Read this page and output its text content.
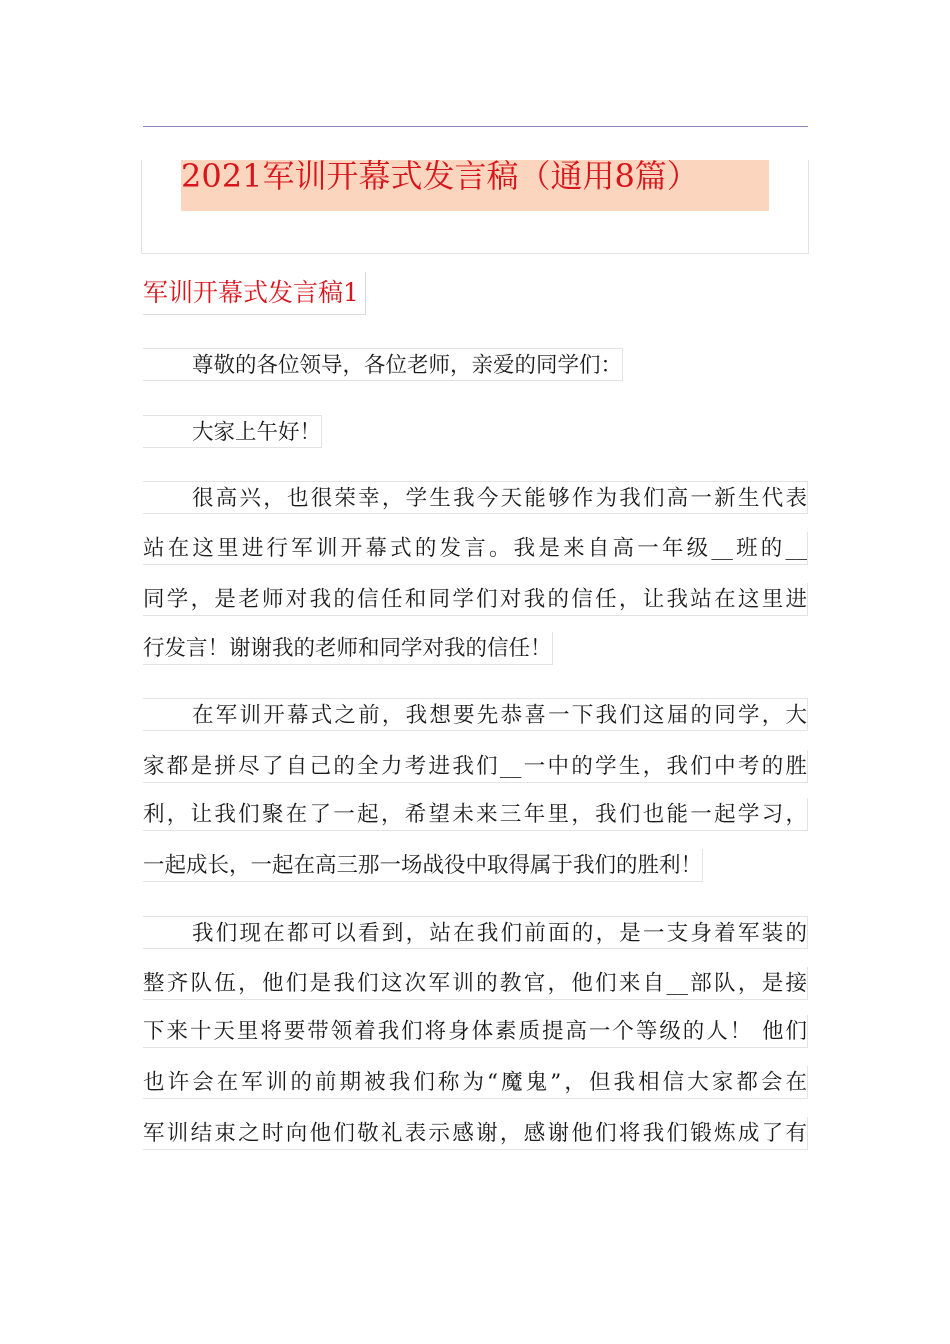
2021军训开幕式发言稿（通用8篇）
军训开幕式发言稿1
尊敬的各位领导，各位老师，亲爱的同学们：
大家上午好！
很高兴，也很荣幸，学生我今天能够作为我们高一新生代表
站在这里进行军训开幕式的发言。我是来自高一年级__班的__
同学，是老师对我的信任和同学们对我的信任，让我站在这里进
行发言！谢谢我的老师和同学对我的信任！
在军训开幕式之前，我想要先恭喜一下我们这届的同学，大
家都是拼尽了自己的全力考进我们__一中的学生，我们中考的胜
利，让我们聚在了一起，希望未来三年里，我们也能一起学习，
一起成长，一起在高三那一场战役中取得属于我们的胜利！
我们现在都可以看到，站在我们前面的，是一支身着军装的
整齐队伍，他们是我们这次军训的教官，他们来自__部队，是接
下来十天里将要带领着我们将身体素质提高一个等级的人！ 他们
也许会在军训的前期被我们称为“魔鬼”，但我相信大家都会在
军训结束之时向他们敬礼表示感谢，感谢他们将我们锻炼成了有
